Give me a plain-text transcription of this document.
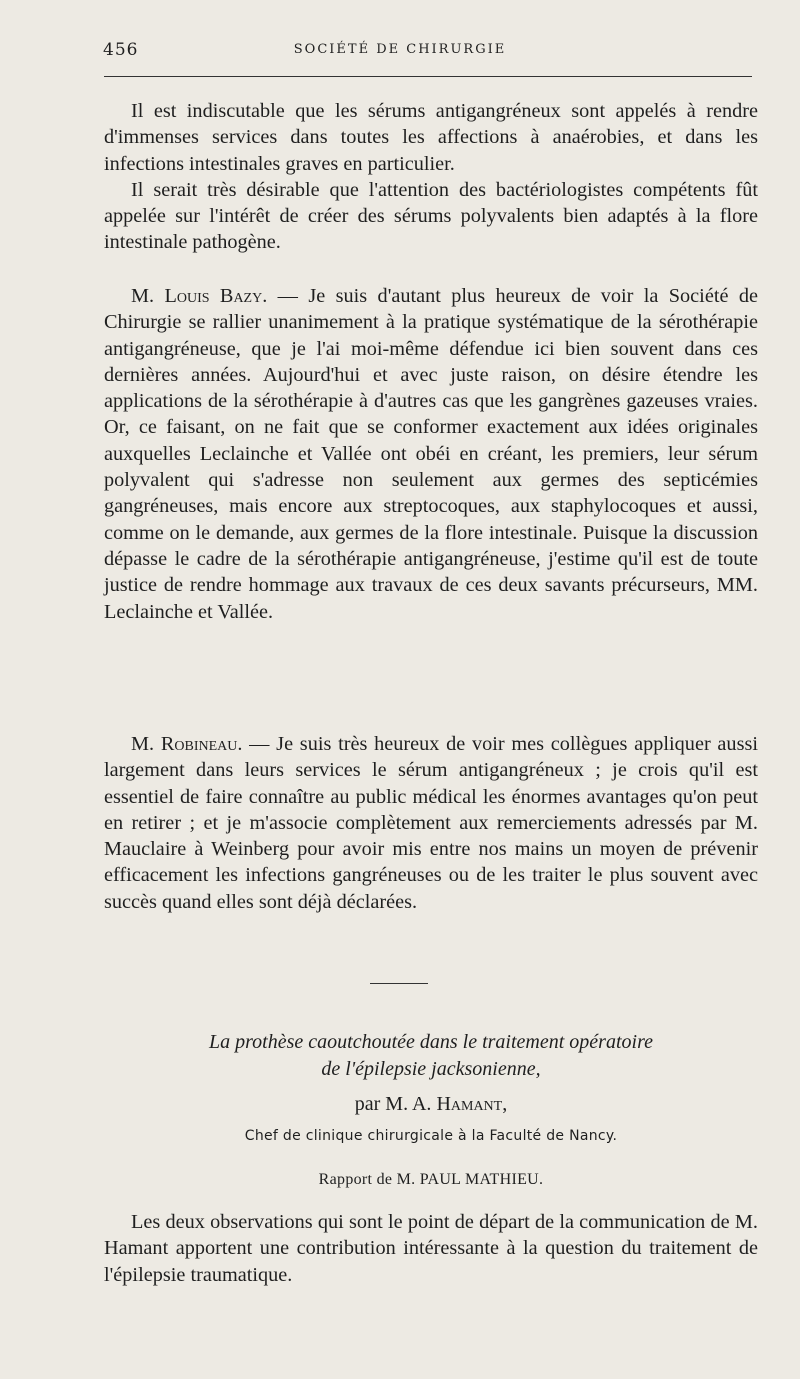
456	SOCIÉTÉ DE CHIRURGIE

Il est indiscutable que les sérums antigangréneux sont appelés à rendre d'immenses services dans toutes les affections à anaérobies, et dans les infections intestinales graves en particulier.

Il serait très désirable que l'attention des bactériologistes compétents fût appelée sur l'intérêt de créer des sérums polyvalents bien adaptés à la flore intestinale pathogène.

M. Louis Bazy. — Je suis d'autant plus heureux de voir la Société de Chirurgie se rallier unanimement à la pratique systématique de la sérothérapie antigangréneuse, que je l'ai moi-même défendue ici bien souvent dans ces dernières années. Aujourd'hui et avec juste raison, on désire étendre les applications de la sérothérapie à d'autres cas que les gangrènes gazeuses vraies. Or, ce faisant, on ne fait que se conformer exactement aux idées originales auxquelles Leclainche et Vallée ont obéi en créant, les premiers, leur sérum polyvalent qui s'adresse non seulement aux germes des septicémies gangréneuses, mais encore aux streptocoques, aux staphylocoques et aussi, comme on le demande, aux germes de la flore intestinale. Puisque la discussion dépasse le cadre de la sérothérapie antigangréneuse, j'estime qu'il est de toute justice de rendre hommage aux travaux de ces deux savants précurseurs, MM. Leclainche et Vallée.

M. Robineau. — Je suis très heureux de voir mes collègues appliquer aussi largement dans leurs services le sérum antigangréneux ; je crois qu'il est essentiel de faire connaître au public médical les énormes avantages qu'on peut en retirer ; et je m'associe complètement aux remerciements adressés par M. Mauclaire à Weinberg pour avoir mis entre nos mains un moyen de prévenir efficacement les infections gangréneuses ou de les traiter le plus souvent avec succès quand elles sont déjà déclarées.

La prothèse caoutchoutée dans le traitement opératoire
de l'épilepsie jacksonienne,
par M. A. Hamant,
Chef de clinique chirurgicale à la Faculté de Nancy.
Rapport de M. PAUL MATHIEU.

Les deux observations qui sont le point de départ de la communication de M. Hamant apportent une contribution intéressante à la question du traitement de l'épilepsie traumatique.
